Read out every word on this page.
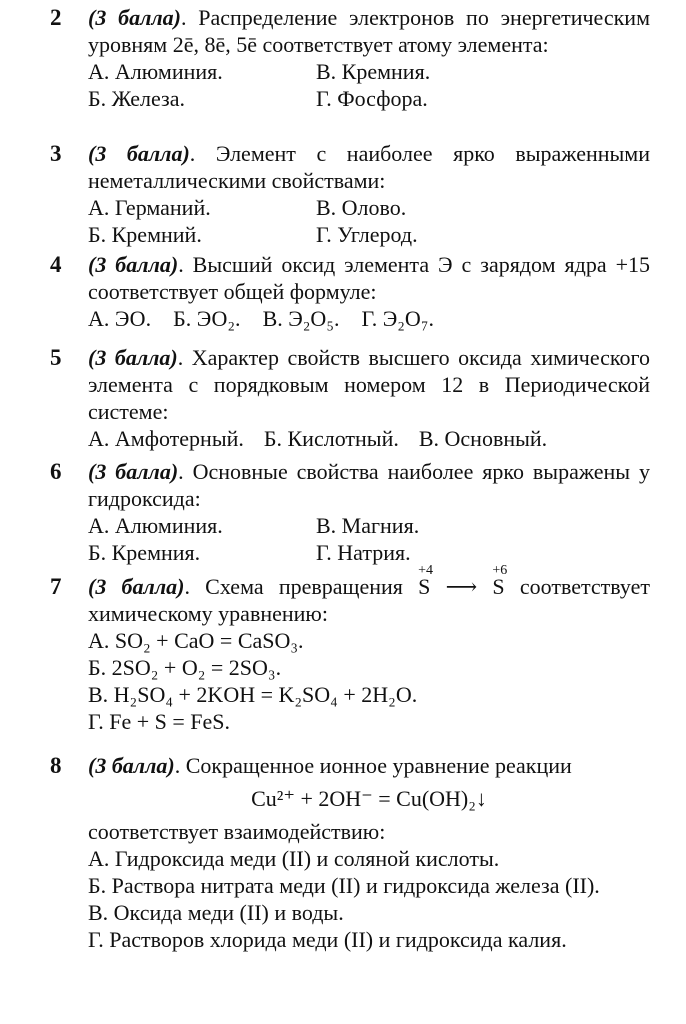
2 (3 балла). Распределение электронов по энергетическим уровням 2ē, 8ē, 5ē соответствует атому элемента:
А. Алюминия.	В. Кремния.
Б. Железа.	Г. Фосфора.
3 (3 балла). Элемент с наиболее ярко выраженными неметаллическими свойствами:
А. Германий.	В. Олово.
Б. Кремний.	Г. Углерод.
4 (3 балла). Высший оксид элемента Э с зарядом ядра +15 соответствует общей формуле:
А. ЭО. Б. ЭО₂. В. Э₂О₅. Г. Э₂О₇.
5 (3 балла). Характер свойств высшего оксида химического элемента с порядковым номером 12 в Периодической системе:
А. Амфотерный. Б. Кислотный. В. Основный.
6 (3 балла). Основные свойства наиболее ярко выражены у гидроксида:
А. Алюминия.	В. Магния.
Б. Кремния.	Г. Натрия.
7 (3 балла). Схема превращения
+4
S ⟶
+6
S соответствует химическому уравнению:
А. SO₂ + CaO = CaSO₃.
Б. 2SO₂ + O₂ = 2SO₃.
В. H₂SO₄ + 2KOH = K₂SO₄ + 2H₂O.
Г. Fe + S = FeS.
8 (3 балла). Сокращенное ионное уравнение реакции
Cu²⁺ + 2OH⁻ = Cu(OH)₂↓
соответствует взаимодействию:
А. Гидроксида меди (II) и соляной кислоты.
Б. Раствора нитрата меди (II) и гидроксида железа (II).
В. Оксида меди (II) и воды.
Г. Растворов хлорида меди (II) и гидроксида калия.
